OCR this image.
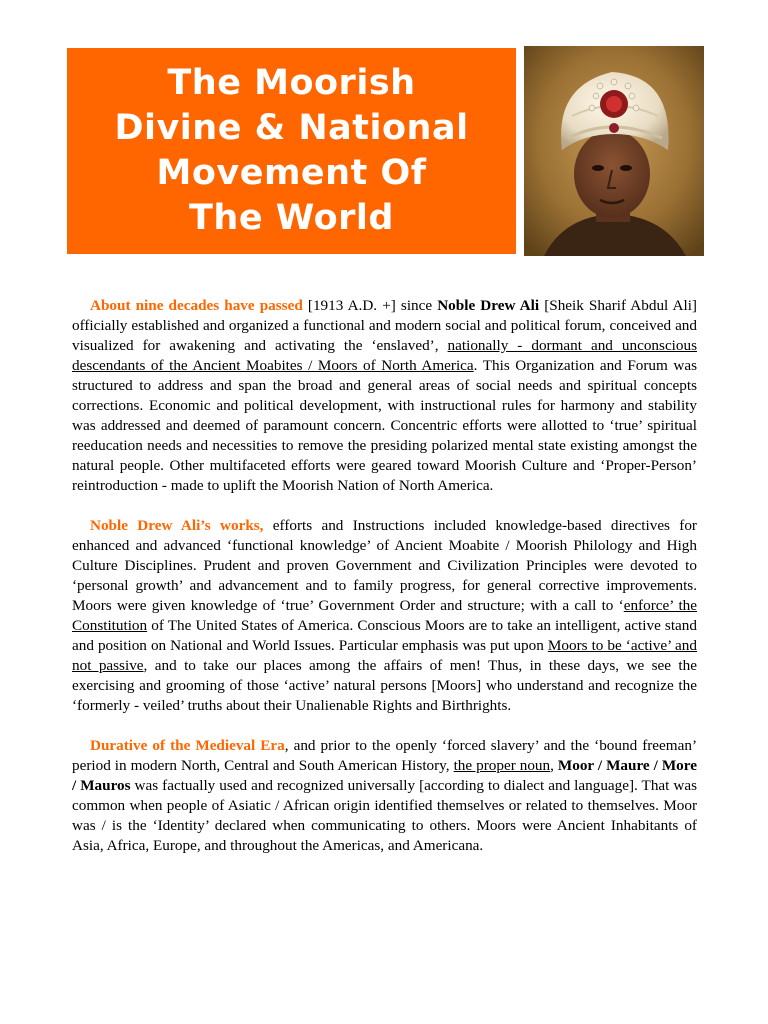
The Moorish
Divine & National
Movement Of
The World

About nine decades have passed [1913 A.D. +] since Noble Drew Ali [Sheik Sharif Abdul Ali] officially established and organized a functional and modern social and political forum, conceived and visualized for awakening and activating the ‘enslaved’, nationally - dormant and unconscious descendants of the Ancient Moabites / Moors of North America. This Organization and Forum was structured to address and span the broad and general areas of social needs and spiritual concepts corrections. Economic and political development, with instructional rules for harmony and stability was addressed and deemed of paramount concern. Concentric efforts were allotted to ‘true’ spiritual reeducation needs and necessities to remove the presiding polarized mental state existing amongst the natural people. Other multifaceted efforts were geared toward Moorish Culture and ‘Proper-Person’ reintroduction - made to uplift the Moorish Nation of North America.

Noble Drew Ali’s works, efforts and Instructions included knowledge-based directives for enhanced and advanced ‘functional knowledge’ of Ancient Moabite / Moorish Philology and High Culture Disciplines. Prudent and proven Government and Civilization Principles were devoted to ‘personal growth’ and advancement and to family progress, for general corrective improvements. Moors were given knowledge of ‘true’ Government Order and structure; with a call to ‘enforce’ the Constitution of The United States of America. Conscious Moors are to take an intelligent, active stand and position on National and World Issues. Particular emphasis was put upon Moors to be ‘active’ and not passive, and to take our places among the affairs of men! Thus, in these days, we see the exercising and grooming of those ‘active’ natural persons [Moors] who understand and recognize the ‘formerly - veiled’ truths about their Unalienable Rights and Birthrights.

Durative of the Medieval Era, and prior to the openly ‘forced slavery’ and the ‘bound freeman’ period in modern North, Central and South American History, the proper noun, Moor / Maure / More / Mauros was factually used and recognized universally [according to dialect and language]. That was common when people of Asiatic / African origin identified themselves or related to themselves. Moor was / is the ‘Identity’ declared when communicating to others. Moors were Ancient Inhabitants of Asia, Africa, Europe, and throughout the Americas, and Americana.
